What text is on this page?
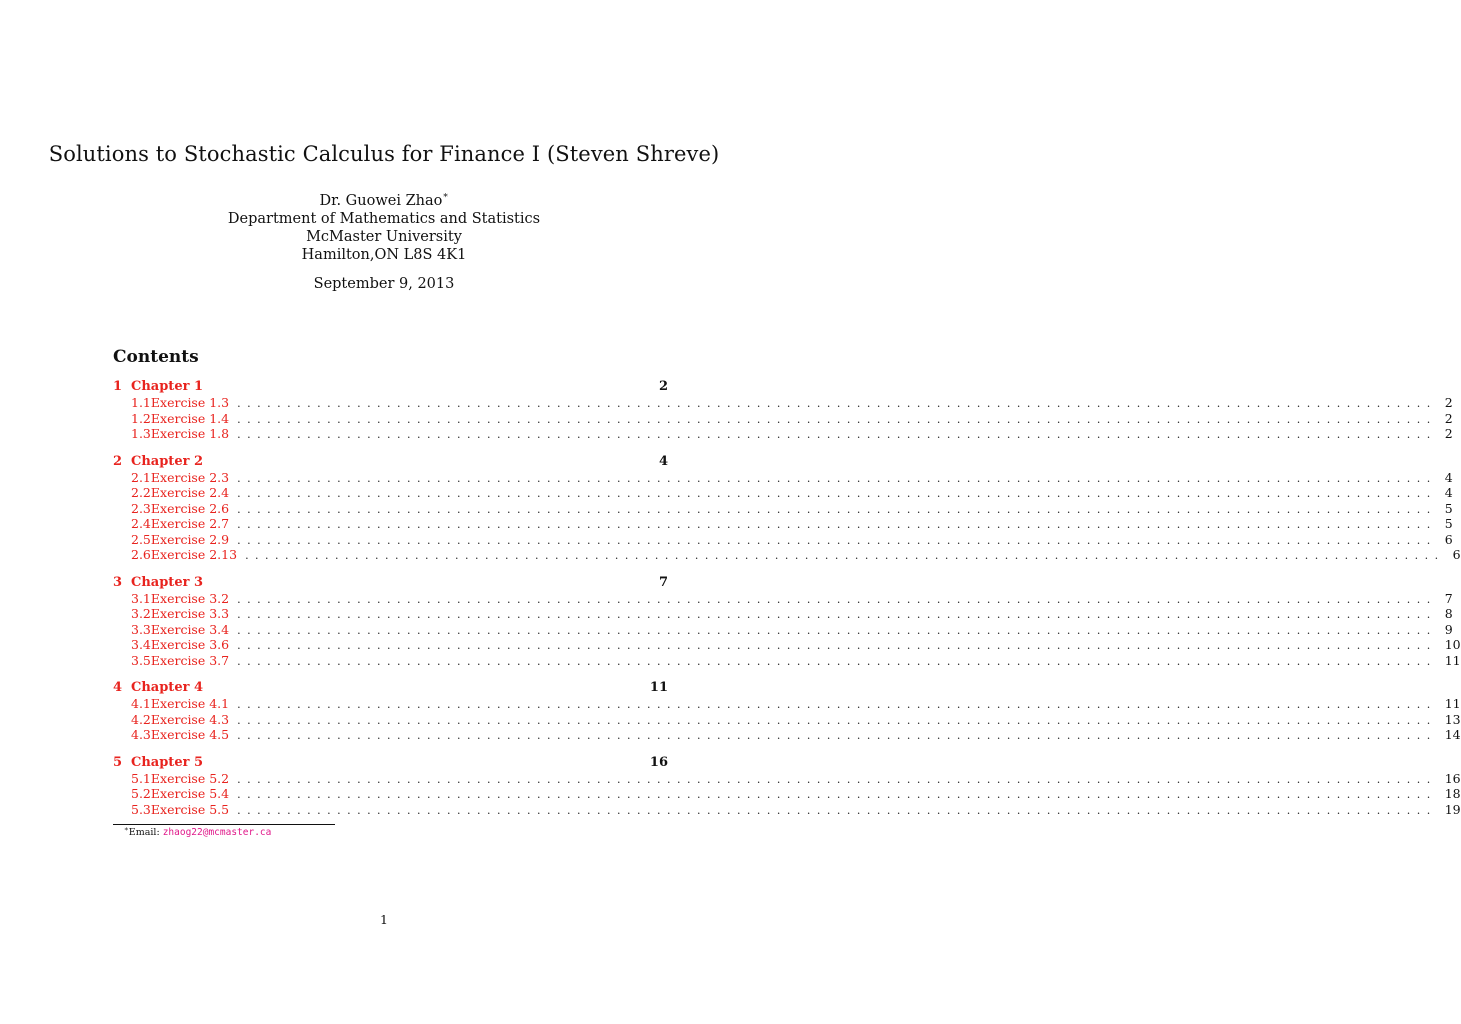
Solutions to Stochastic Calculus for Finance I (Steven Shreve)
Dr. Guowei Zhao∗
Department of Mathematics and Statistics
McMaster University
Hamilton,ON L8S 4K1
September 9, 2013
Contents
1 Chapter 1	2
1.1 Exercise 1.3 ........................................................................................................................ 2
1.2 Exercise 1.4 ........................................................................................................................ 2
1.3 Exercise 1.8 ........................................................................................................................ 2
2 Chapter 2	4
2.1 Exercise 2.3 ........................................................................................................................ 4
2.2 Exercise 2.4 ........................................................................................................................ 4
2.3 Exercise 2.6 ........................................................................................................................ 5
2.4 Exercise 2.7 ........................................................................................................................ 5
2.5 Exercise 2.9 ........................................................................................................................ 6
2.6 Exercise 2.13 ........................................................................................................................ 6
3 Chapter 3	7
3.1 Exercise 3.2 ........................................................................................................................ 7
3.2 Exercise 3.3 ........................................................................................................................ 8
3.3 Exercise 3.4 ........................................................................................................................ 9
3.4 Exercise 3.6 ........................................................................................................................ 10
3.5 Exercise 3.7 ........................................................................................................................ 11
4 Chapter 4	11
4.1 Exercise 4.1 ........................................................................................................................ 11
4.2 Exercise 4.3 ........................................................................................................................ 13
4.3 Exercise 4.5 ........................................................................................................................ 14
5 Chapter 5	16
5.1 Exercise 5.2 ........................................................................................................................ 16
5.2 Exercise 5.4 ........................................................................................................................ 18
5.3 Exercise 5.5 ........................................................................................................................ 19
∗Email: zhaog22@mcmaster.ca
1
